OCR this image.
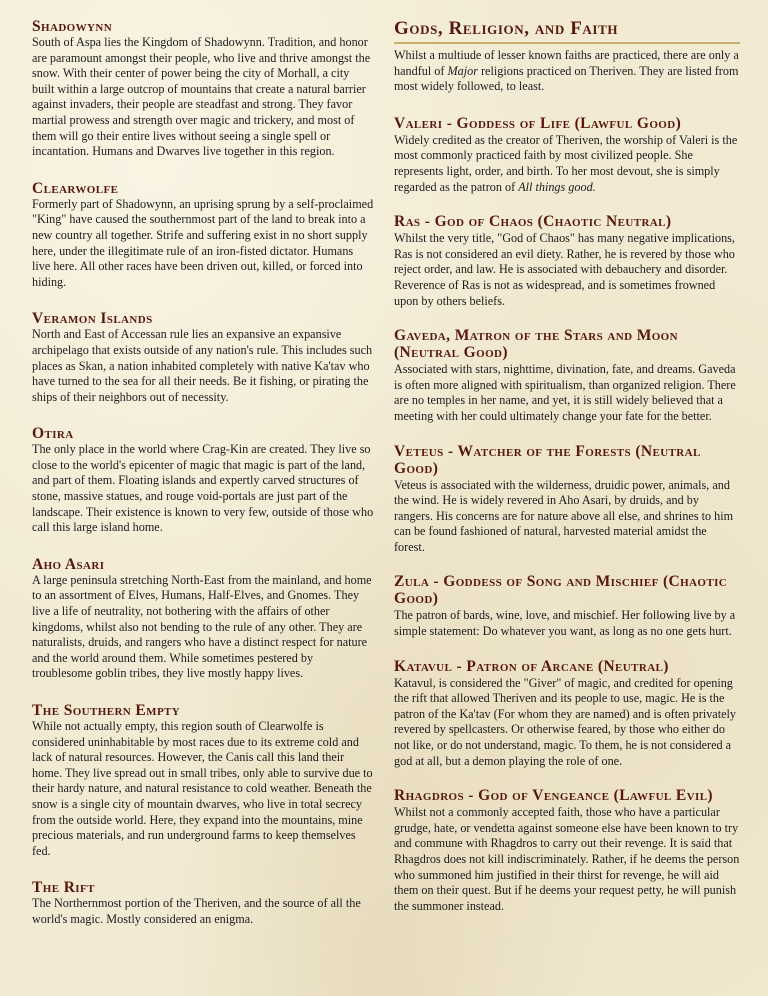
Shadowynn

South of Aspa lies the Kingdom of Shadowynn. Tradition, and honor are paramount amongst their people, who live and thrive amongst the snow. With their center of power being the city of Morhall, a city built within a large outcrop of mountains that create a natural barrier against invaders, their people are steadfast and strong. They favor martial prowess and strength over magic and trickery, and most of them will go their entire lives without seeing a single spell or incantation. Humans and Dwarves live together in this region.

Clearwolfe

Formerly part of Shadowynn, an uprising sprung by a self-proclaimed "King" have caused the southernmost part of the land to break into a new country all together. Strife and suffering exist in no short supply here, under the illegitimate rule of an iron-fisted dictator. Humans live here. All other races have been driven out, killed, or forced into hiding.

Veramon Islands

North and East of Accessan rule lies an expansive an expansive archipelago that exists outside of any nation's rule. This includes such places as Skan, a nation inhabited completely with native Ka'tav who have turned to the sea for all their needs. Be it fishing, or pirating the ships of their neighbors out of necessity.

Otira

The only place in the world where Crag-Kin are created. They live so close to the world's epicenter of magic that magic is part of the land, and part of them. Floating islands and expertly carved structures of stone, massive statues, and rouge void-portals are just part of the landscape. Their existence is known to very few, outside of those who call this large island home.

Aho Asari

A large peninsula stretching North-East from the mainland, and home to an assortment of Elves, Humans, Half-Elves, and Gnomes. They live a life of neutrality, not bothering with the affairs of other kingdoms, whilst also not bending to the rule of any other. They are naturalists, druids, and rangers who have a distinct respect for nature and the world around them. While sometimes pestered by troublesome goblin tribes, they live mostly happy lives.

The Southern Empty

While not actually empty, this region south of Clearwolfe is considered uninhabitable by most races due to its extreme cold and lack of natural resources. However, the Canis call this land their home. They live spread out in small tribes, only able to survive due to their hardy nature, and natural resistance to cold weather. Beneath the snow is a single city of mountain dwarves, who live in total secrecy from the outside world. Here, they expand into the mountains, mine precious materials, and run underground farms to keep themselves fed.

The Rift

The Northernmost portion of the Theriven, and the source of all the world's magic. Mostly considered an enigma.

Gods, Religion, and Faith

Whilst a multiude of lesser known faiths are practiced, there are only a handful of Major religions practiced on Theriven. They are listed from most widely followed, to least.

Valeri - Goddess of Life (Lawful Good)

Widely credited as the creator of Theriven, the worship of Valeri is the most commonly practiced faith by most civilized people. She represents light, order, and birth. To her most devout, she is simply regarded as the patron of All things good.

Ras - God of Chaos (Chaotic Neutral)

Whilst the very title, "God of Chaos" has many negative implications, Ras is not considered an evil diety. Rather, he is revered by those who reject order, and law. He is associated with debauchery and disorder. Reverence of Ras is not as widespread, and is sometimes frowned upon by others beliefs.

Gaveda, Matron of the Stars and Moon (Neutral Good)

Associated with stars, nighttime, divination, fate, and dreams. Gaveda is often more aligned with spiritualism, than organized religion. There are no temples in her name, and yet, it is still widely believed that a meeting with her could ultimately change your fate for the better.

Veteus - Watcher of the Forests (Neutral Good)

Veteus is associated with the wilderness, druidic power, animals, and the wind. He is widely revered in Aho Asari, by druids, and by rangers. His concerns are for nature above all else, and shrines to him can be found fashioned of natural, harvested material amidst the forest.

Zula - Goddess of Song and Mischief (Chaotic Good)

The patron of bards, wine, love, and mischief. Her following live by a simple statement: Do whatever you want, as long as no one gets hurt.

Katavul - Patron of Arcane (Neutral)

Katavul, is considered the "Giver" of magic, and credited for opening the rift that allowed Theriven and its people to use, magic. He is the patron of the Ka'tav (For whom they are named) and is often privately revered by spellcasters. Or otherwise feared, by those who either do not like, or do not understand, magic. To them, he is not considered a god at all, but a demon playing the role of one.

Rhagdros - God of Vengeance (Lawful Evil)

Whilst not a commonly accepted faith, those who have a particular grudge, hate, or vendetta against someone else have been known to try and commune with Rhagdros to carry out their revenge. It is said that Rhagdros does not kill indiscriminately. Rather, if he deems the person who summoned him justified in their thirst for revenge, he will aid them on their quest. But if he deems your request petty, he will punish the summoner instead.
